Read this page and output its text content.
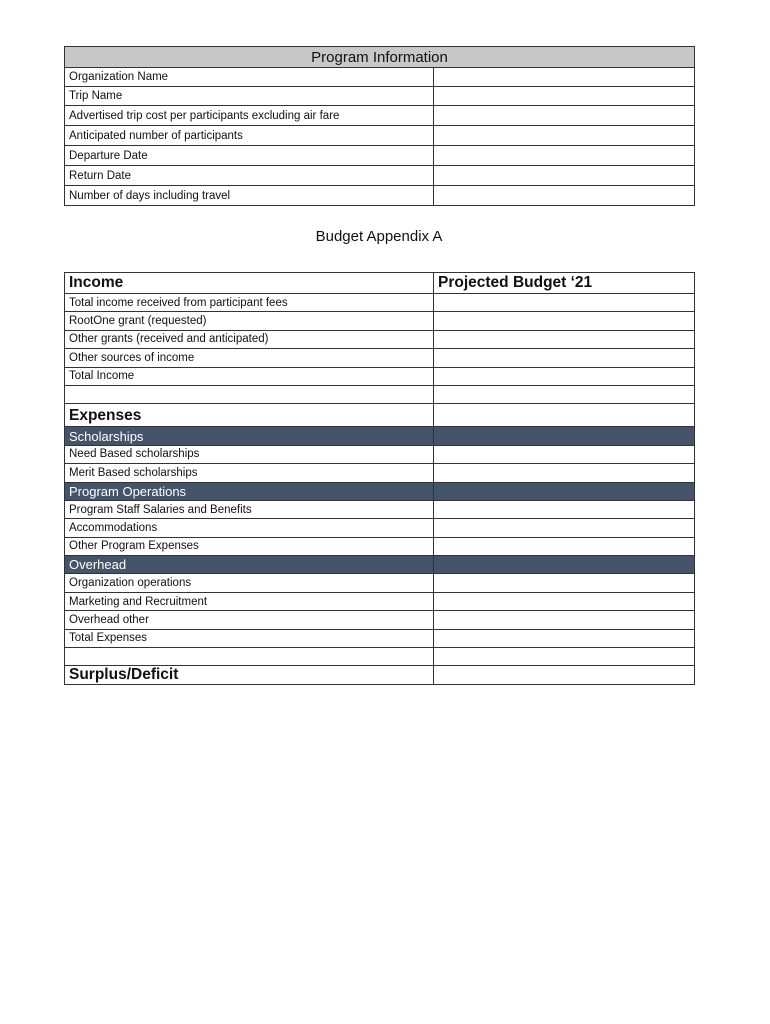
Program Information	
Organization Name	
Trip Name	
Advertised trip cost per participants excluding air fare	
Anticipated number of participants	
Departure Date	
Return Date	
Number of days including travel	
Budget Appendix A
Income	Projected Budget ‘21
Total income received from participant fees	
RootOne grant (requested)	
Other grants (received and anticipated)	
Other sources of income	
Total Income	

Expenses	
Scholarships	
Need Based scholarships	
Merit Based scholarships	
Program Operations	
Program Staff Salaries and Benefits	
Accommodations	
Other Program Expenses	
Overhead	
Organization operations	
Marketing and Recruitment	
Overhead other	
Total Expenses	

Surplus/Deficit	
